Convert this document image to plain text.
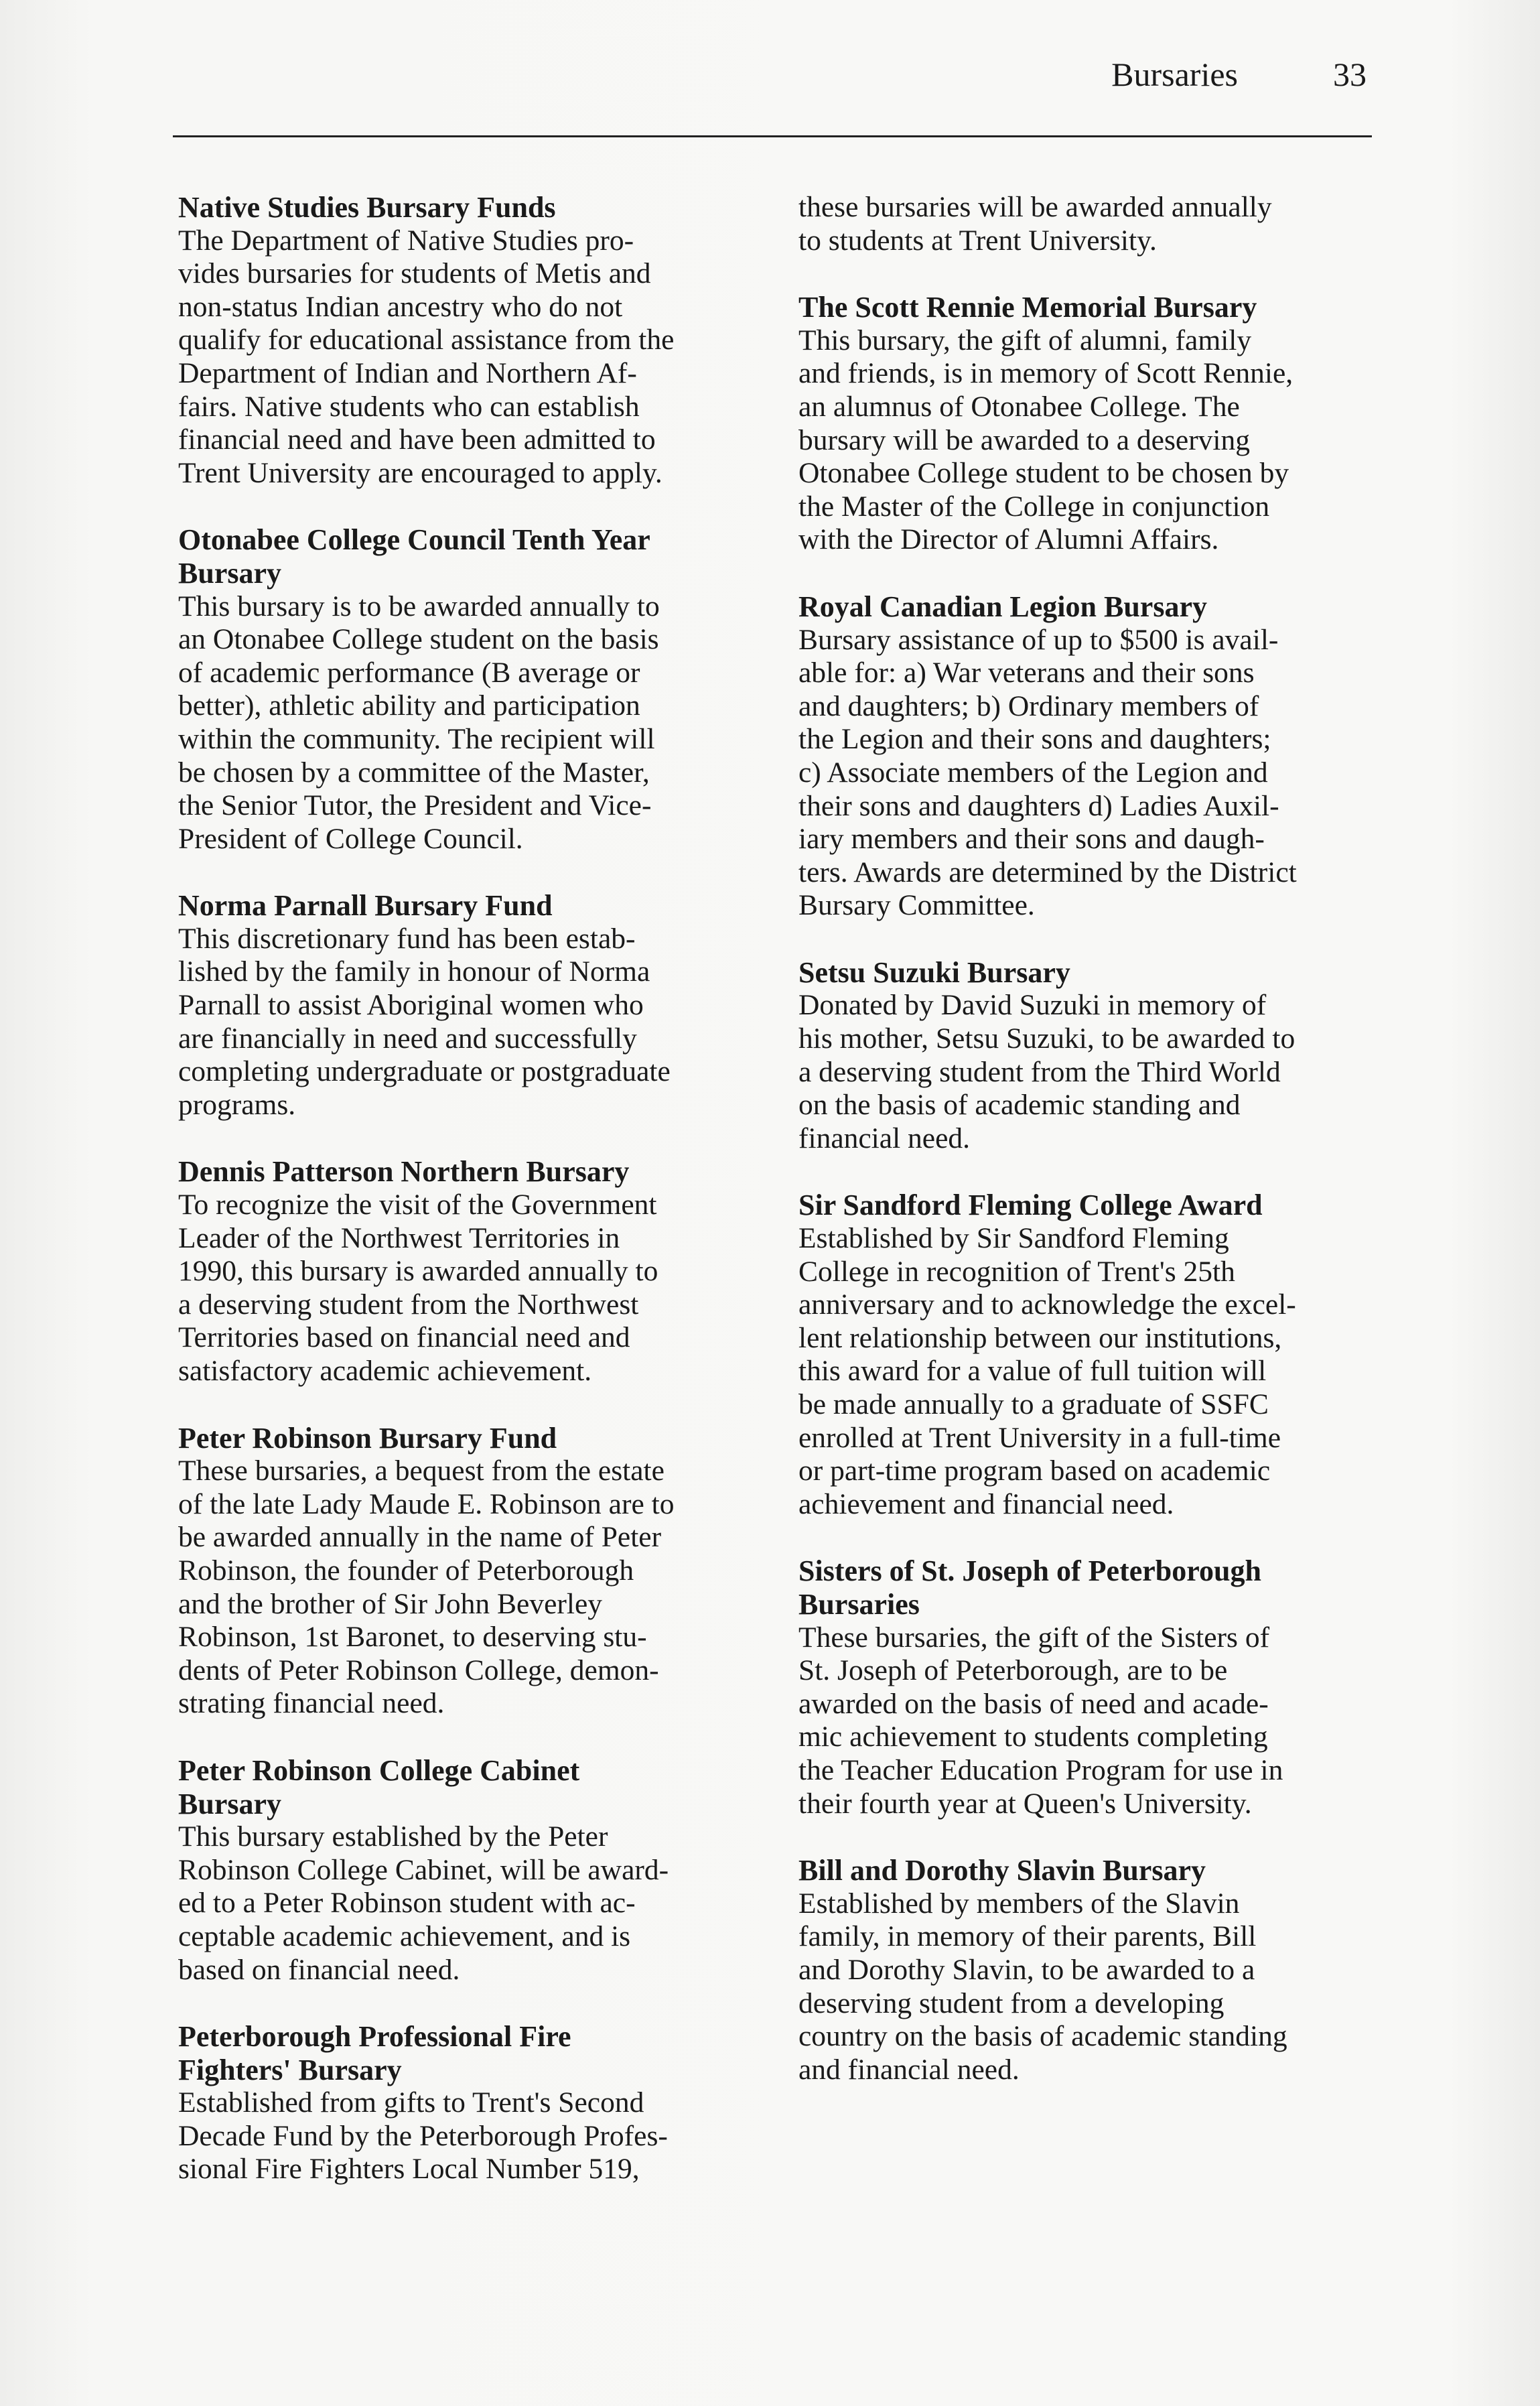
Bursaries	33
Native Studies Bursary Funds
The Department of Native Studies pro-
vides bursaries for students of Metis and
non-status Indian ancestry who do not
qualify for educational assistance from the
Department of Indian and Northern Af-
fairs. Native students who can establish
financial need and have been admitted to
Trent University are encouraged to apply.
Otonabee College Council Tenth Year
Bursary
This bursary is to be awarded annually to
an Otonabee College student on the basis
of academic performance (B average or
better), athletic ability and participation
within the community. The recipient will
be chosen by a committee of the Master,
the Senior Tutor, the President and Vice-
President of College Council.
Norma Parnall Bursary Fund
This discretionary fund has been estab-
lished by the family in honour of Norma
Parnall to assist Aboriginal women who
are financially in need and successfully
completing undergraduate or postgraduate
programs.
Dennis Patterson Northern Bursary
To recognize the visit of the Government
Leader of the Northwest Territories in
1990, this bursary is awarded annually to
a deserving student from the Northwest
Territories based on financial need and
satisfactory academic achievement.
Peter Robinson Bursary Fund
These bursaries, a bequest from the estate
of the late Lady Maude E. Robinson are to
be awarded annually in the name of Peter
Robinson, the founder of Peterborough
and the brother of Sir John Beverley
Robinson, 1st Baronet, to deserving stu-
dents of Peter Robinson College, demon-
strating financial need.
Peter Robinson College Cabinet
Bursary
This bursary established by the Peter
Robinson College Cabinet, will be award-
ed to a Peter Robinson student with ac-
ceptable academic achievement, and is
based on financial need.
Peterborough Professional Fire
Fighters' Bursary
Established from gifts to Trent's Second
Decade Fund by the Peterborough Profes-
sional Fire Fighters Local Number 519,
these bursaries will be awarded annually
to students at Trent University.
The Scott Rennie Memorial Bursary
This bursary, the gift of alumni, family
and friends, is in memory of Scott Rennie,
an alumnus of Otonabee College. The
bursary will be awarded to a deserving
Otonabee College student to be chosen by
the Master of the College in conjunction
with the Director of Alumni Affairs.
Royal Canadian Legion Bursary
Bursary assistance of up to $500 is avail-
able for: a) War veterans and their sons
and daughters; b) Ordinary members of
the Legion and their sons and daughters;
c) Associate members of the Legion and
their sons and daughters d) Ladies Auxil-
iary members and their sons and daugh-
ters. Awards are determined by the District
Bursary Committee.
Setsu Suzuki Bursary
Donated by David Suzuki in memory of
his mother, Setsu Suzuki, to be awarded to
a deserving student from the Third World
on the basis of academic standing and
financial need.
Sir Sandford Fleming College Award
Established by Sir Sandford Fleming
College in recognition of Trent's 25th
anniversary and to acknowledge the excel-
lent relationship between our institutions,
this award for a value of full tuition will
be made annually to a graduate of SSFC
enrolled at Trent University in a full-time
or part-time program based on academic
achievement and financial need.
Sisters of St. Joseph of Peterborough
Bursaries
These bursaries, the gift of the Sisters of
St. Joseph of Peterborough, are to be
awarded on the basis of need and acade-
mic achievement to students completing
the Teacher Education Program for use in
their fourth year at Queen's University.
Bill and Dorothy Slavin Bursary
Established by members of the Slavin
family, in memory of their parents, Bill
and Dorothy Slavin, to be awarded to a
deserving student from a developing
country on the basis of academic standing
and financial need.
